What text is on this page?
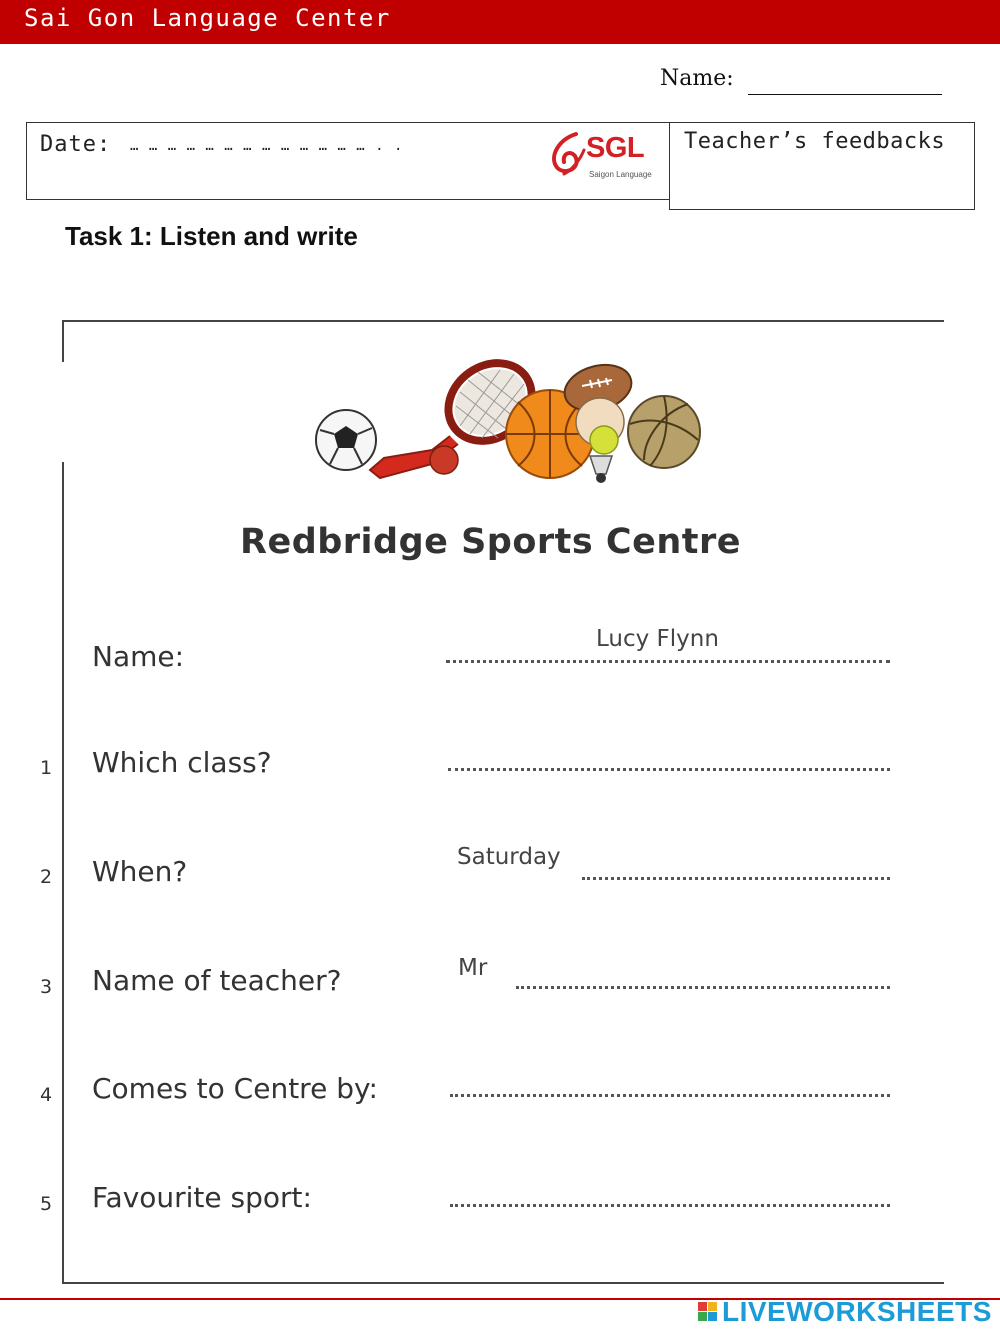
Sai Gon Language Center
Name:
Date: … … … … … … … … … … … … … . .	SGL
Saigon Language
Teacher’s feedbacks
Task 1: Listen and write
Redbridge Sports Centre
Name:
Lucy Flynn
1 Which class?
2 When?	Saturday
3 Name of teacher?	Mr
4 Comes to Centre by:
5 Favourite sport:
LIVEWORKSHEETS
